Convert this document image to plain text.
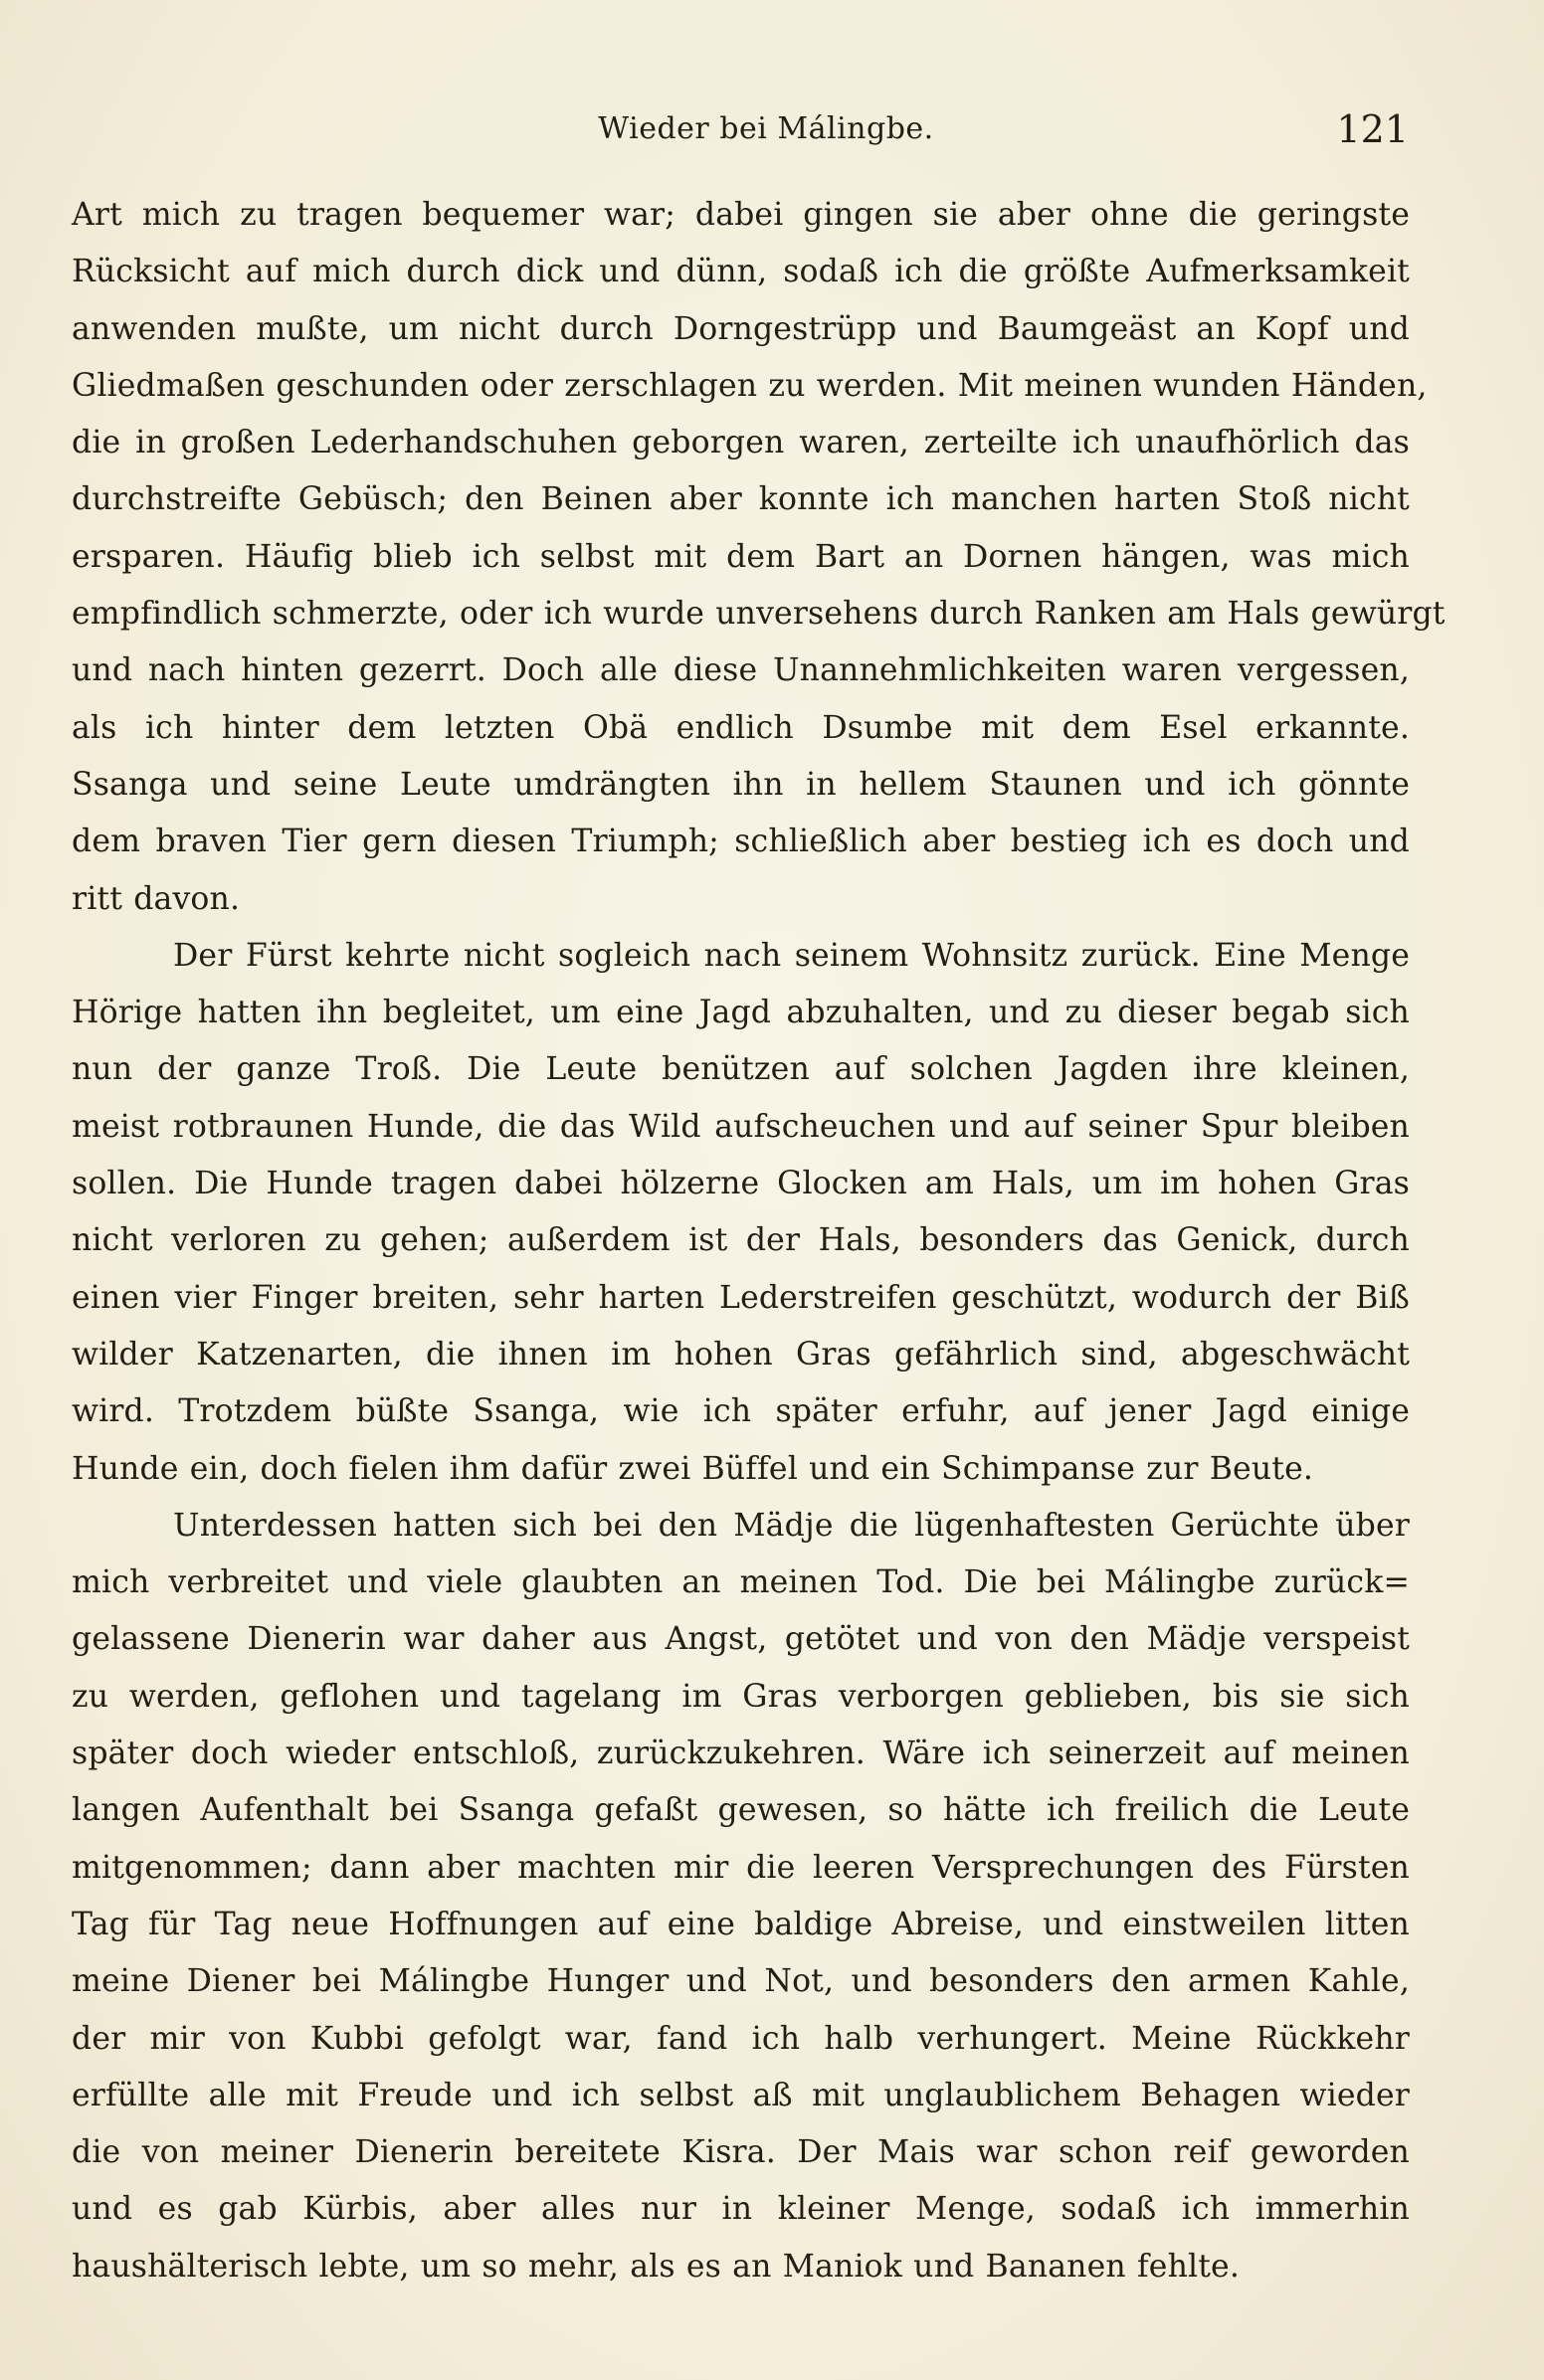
Wieder bei Málingbe.	121
Art mich zu tragen bequemer war; dabei gingen sie aber ohne die geringste
Rücksicht auf mich durch dick und dünn, sodaß ich die größte Aufmerksamkeit
anwenden mußte, um nicht durch Dorngestrüpp und Baumgeäst an Kopf und
Gliedmaßen geschunden oder zerschlagen zu werden. Mit meinen wunden Händen,
die in großen Lederhandschuhen geborgen waren, zerteilte ich unaufhörlich das
durchstreifte Gebüsch; den Beinen aber konnte ich manchen harten Stoß nicht
ersparen. Häufig blieb ich selbst mit dem Bart an Dornen hängen, was mich
empfindlich schmerzte, oder ich wurde unversehens durch Ranken am Hals gewürgt
und nach hinten gezerrt. Doch alle diese Unannehmlichkeiten waren vergessen,
als ich hinter dem letzten Obä endlich Dsumbe mit dem Esel erkannte.
Ssanga und seine Leute umdrängten ihn in hellem Staunen und ich gönnte
dem braven Tier gern diesen Triumph; schließlich aber bestieg ich es doch und
ritt davon.
Der Fürst kehrte nicht sogleich nach seinem Wohnsitz zurück. Eine Menge
Hörige hatten ihn begleitet, um eine Jagd abzuhalten, und zu dieser begab sich
nun der ganze Troß. Die Leute benützen auf solchen Jagden ihre kleinen,
meist rotbraunen Hunde, die das Wild aufscheuchen und auf seiner Spur bleiben
sollen. Die Hunde tragen dabei hölzerne Glocken am Hals, um im hohen Gras
nicht verloren zu gehen; außerdem ist der Hals, besonders das Genick, durch
einen vier Finger breiten, sehr harten Lederstreifen geschützt, wodurch der Biß
wilder Katzenarten, die ihnen im hohen Gras gefährlich sind, abgeschwächt
wird. Trotzdem büßte Ssanga, wie ich später erfuhr, auf jener Jagd einige
Hunde ein, doch fielen ihm dafür zwei Büffel und ein Schimpanse zur Beute.
Unterdessen hatten sich bei den Mädje die lügenhaftesten Gerüchte über
mich verbreitet und viele glaubten an meinen Tod. Die bei Málingbe zurück=
gelassene Dienerin war daher aus Angst, getötet und von den Mädje verspeist
zu werden, geflohen und tagelang im Gras verborgen geblieben, bis sie sich
später doch wieder entschloß, zurückzukehren. Wäre ich seinerzeit auf meinen
langen Aufenthalt bei Ssanga gefaßt gewesen, so hätte ich freilich die Leute
mitgenommen; dann aber machten mir die leeren Versprechungen des Fürsten
Tag für Tag neue Hoffnungen auf eine baldige Abreise, und einstweilen litten
meine Diener bei Málingbe Hunger und Not, und besonders den armen Kahle,
der mir von Kubbi gefolgt war, fand ich halb verhungert. Meine Rückkehr
erfüllte alle mit Freude und ich selbst aß mit unglaublichem Behagen wieder
die von meiner Dienerin bereitete Kisra. Der Mais war schon reif geworden
und es gab Kürbis, aber alles nur in kleiner Menge, sodaß ich immerhin
haushälterisch lebte, um so mehr, als es an Maniok und Bananen fehlte.
